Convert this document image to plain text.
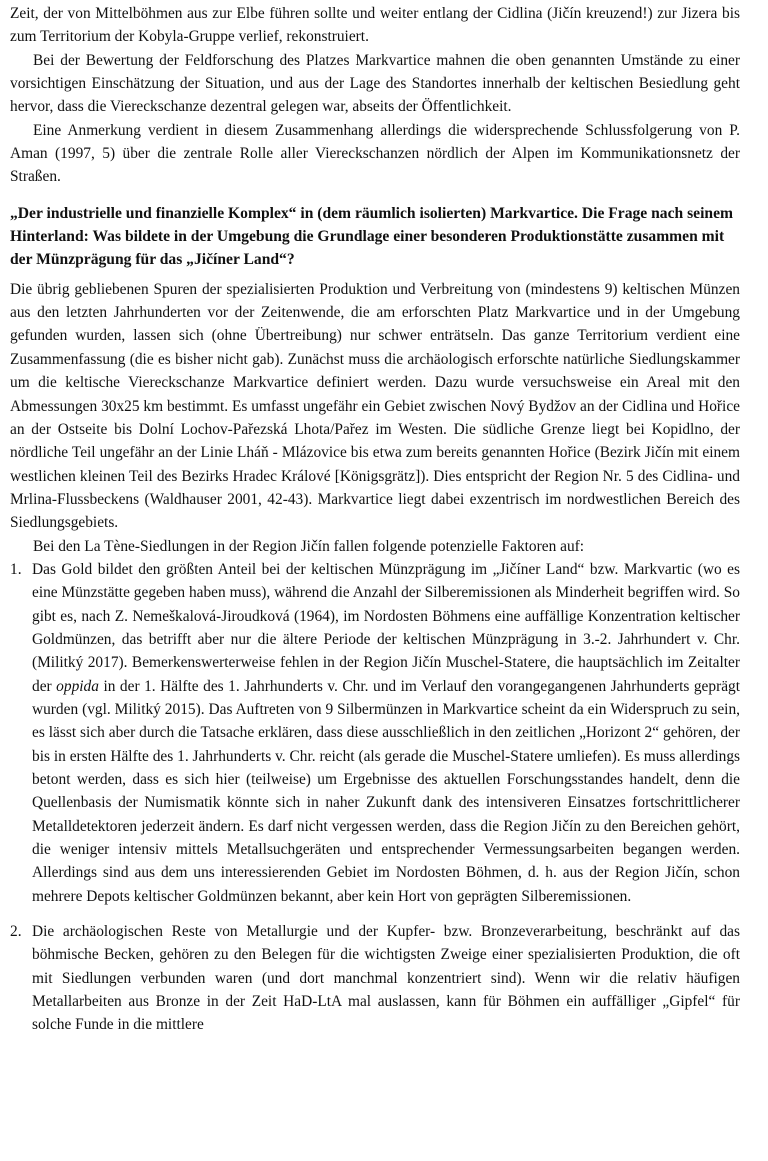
Zeit, der von Mittelböhmen aus zur Elbe führen sollte und weiter entlang der Cidlina (Jičín kreuzend!) zur Jizera bis zum Territorium der Kobyla-Gruppe verlief, rekonstruiert.

Bei der Bewertung der Feldforschung des Platzes Markvartice mahnen die oben genannten Umstände zu einer vorsichtigen Einschätzung der Situation, und aus der Lage des Standortes innerhalb der keltischen Besiedlung geht hervor, dass die Viereckschanze dezentral gelegen war, abseits der Öffentlichkeit.

Eine Anmerkung verdient in diesem Zusammenhang allerdings die widersprechende Schlussfolgerung von P. Aman (1997, 5) über die zentrale Rolle aller Viereckschanzen nördlich der Alpen im Kommunikationsnetz der Straßen.

„Der industrielle und finanzielle Komplex“ in (dem räumlich isolierten) Markvartice. Die Frage nach seinem Hinterland: Was bildete in der Umgebung die Grundlage einer besonderen Produktionstätte zusammen mit der Münzprägung für das „Jičíner Land“?

Die übrig gebliebenen Spuren der spezialisierten Produktion und Verbreitung von (mindestens 9) keltischen Münzen aus den letzten Jahrhunderten vor der Zeitenwende, die am erforschten Platz Markvartice und in der Umgebung gefunden wurden, lassen sich (ohne Übertreibung) nur schwer enträtseln. Das ganze Territorium verdient eine Zusammenfassung (die es bisher nicht gab). Zunächst muss die archäologisch erforschte natürliche Siedlungskammer um die keltische Viereckschanze Markvartice definiert werden. Dazu wurde versuchsweise ein Areal mit den Abmessungen 30x25 km bestimmt. Es umfasst ungefähr ein Gebiet zwischen Nový Bydžov an der Cidlina und Hořice an der Ostseite bis Dolní Lochov-Pařezská Lhota/Pařez im Westen. Die südliche Grenze liegt bei Kopidlno, der nördliche Teil ungefähr an der Linie Lháň - Mlázovice bis etwa zum bereits genannten Hořice (Bezirk Jičín mit einem westlichen kleinen Teil des Bezirks Hradec Králové [Königsgrätz]). Dies entspricht der Region Nr. 5 des Cidlina- und Mrlina-Flussbeckens (Waldhauser 2001, 42-43). Markvartice liegt dabei exzentrisch im nordwestlichen Bereich des Siedlungsgebiets.

Bei den La Tène-Siedlungen in der Region Jičín fallen folgende potenzielle Faktoren auf:

1. Das Gold bildet den größten Anteil bei der keltischen Münzprägung im „Jičíner Land“ bzw. Markvartic (wo es eine Münzstätte gegeben haben muss), während die Anzahl der Silberemissionen als Minderheit begriffen wird. So gibt es, nach Z. Nemeškalová-Jiroudková (1964), im Nordosten Böhmens eine auffällige Konzentration keltischer Goldmünzen, das betrifft aber nur die ältere Periode der keltischen Münzprägung in 3.-2. Jahrhundert v. Chr. (Militký 2017). Bemerkenswerterweise fehlen in der Region Jičín Muschel-Statere, die hauptsächlich im Zeitalter der oppida in der 1. Hälfte des 1. Jahrhunderts v. Chr. und im Verlauf den vorangegangenen Jahrhunderts geprägt wurden (vgl. Militký 2015). Das Auftreten von 9 Silbermünzen in Markvartice scheint da ein Widerspruch zu sein, es lässt sich aber durch die Tatsache erklären, dass diese ausschließlich in den zeitlichen „Horizont 2“ gehören, der bis in ersten Hälfte des 1. Jahrhunderts v. Chr. reicht (als gerade die Muschel-Statere umliefen). Es muss allerdings betont werden, dass es sich hier (teilweise) um Ergebnisse des aktuellen Forschungsstandes handelt, denn die Quellenbasis der Numismatik könnte sich in naher Zukunft dank des intensiveren Einsatzes fortschrittlicherer Metalldetektoren jederzeit ändern. Es darf nicht vergessen werden, dass die Region Jičín zu den Bereichen gehört, die weniger intensiv mittels Metallsuchgeräten und entsprechender Vermessungsarbeiten begangen werden. Allerdings sind aus dem uns interessierenden Gebiet im Nordosten Böhmen, d. h. aus der Region Jičín, schon mehrere Depots keltischer Goldmünzen bekannt, aber kein Hort von geprägten Silberemissionen.

2. Die archäologischen Reste von Metallurgie und der Kupfer- bzw. Bronzeverarbeitung, beschränkt auf das böhmische Becken, gehören zu den Belegen für die wichtigsten Zweige einer spezialisierten Produktion, die oft mit Siedlungen verbunden waren (und dort manchmal konzentriert sind). Wenn wir die relativ häufigen Metallarbeiten aus Bronze in der Zeit HaD-LtA mal auslassen, kann für Böhmen ein auffälliger „Gipfel“ für solche Funde in die mittlere
